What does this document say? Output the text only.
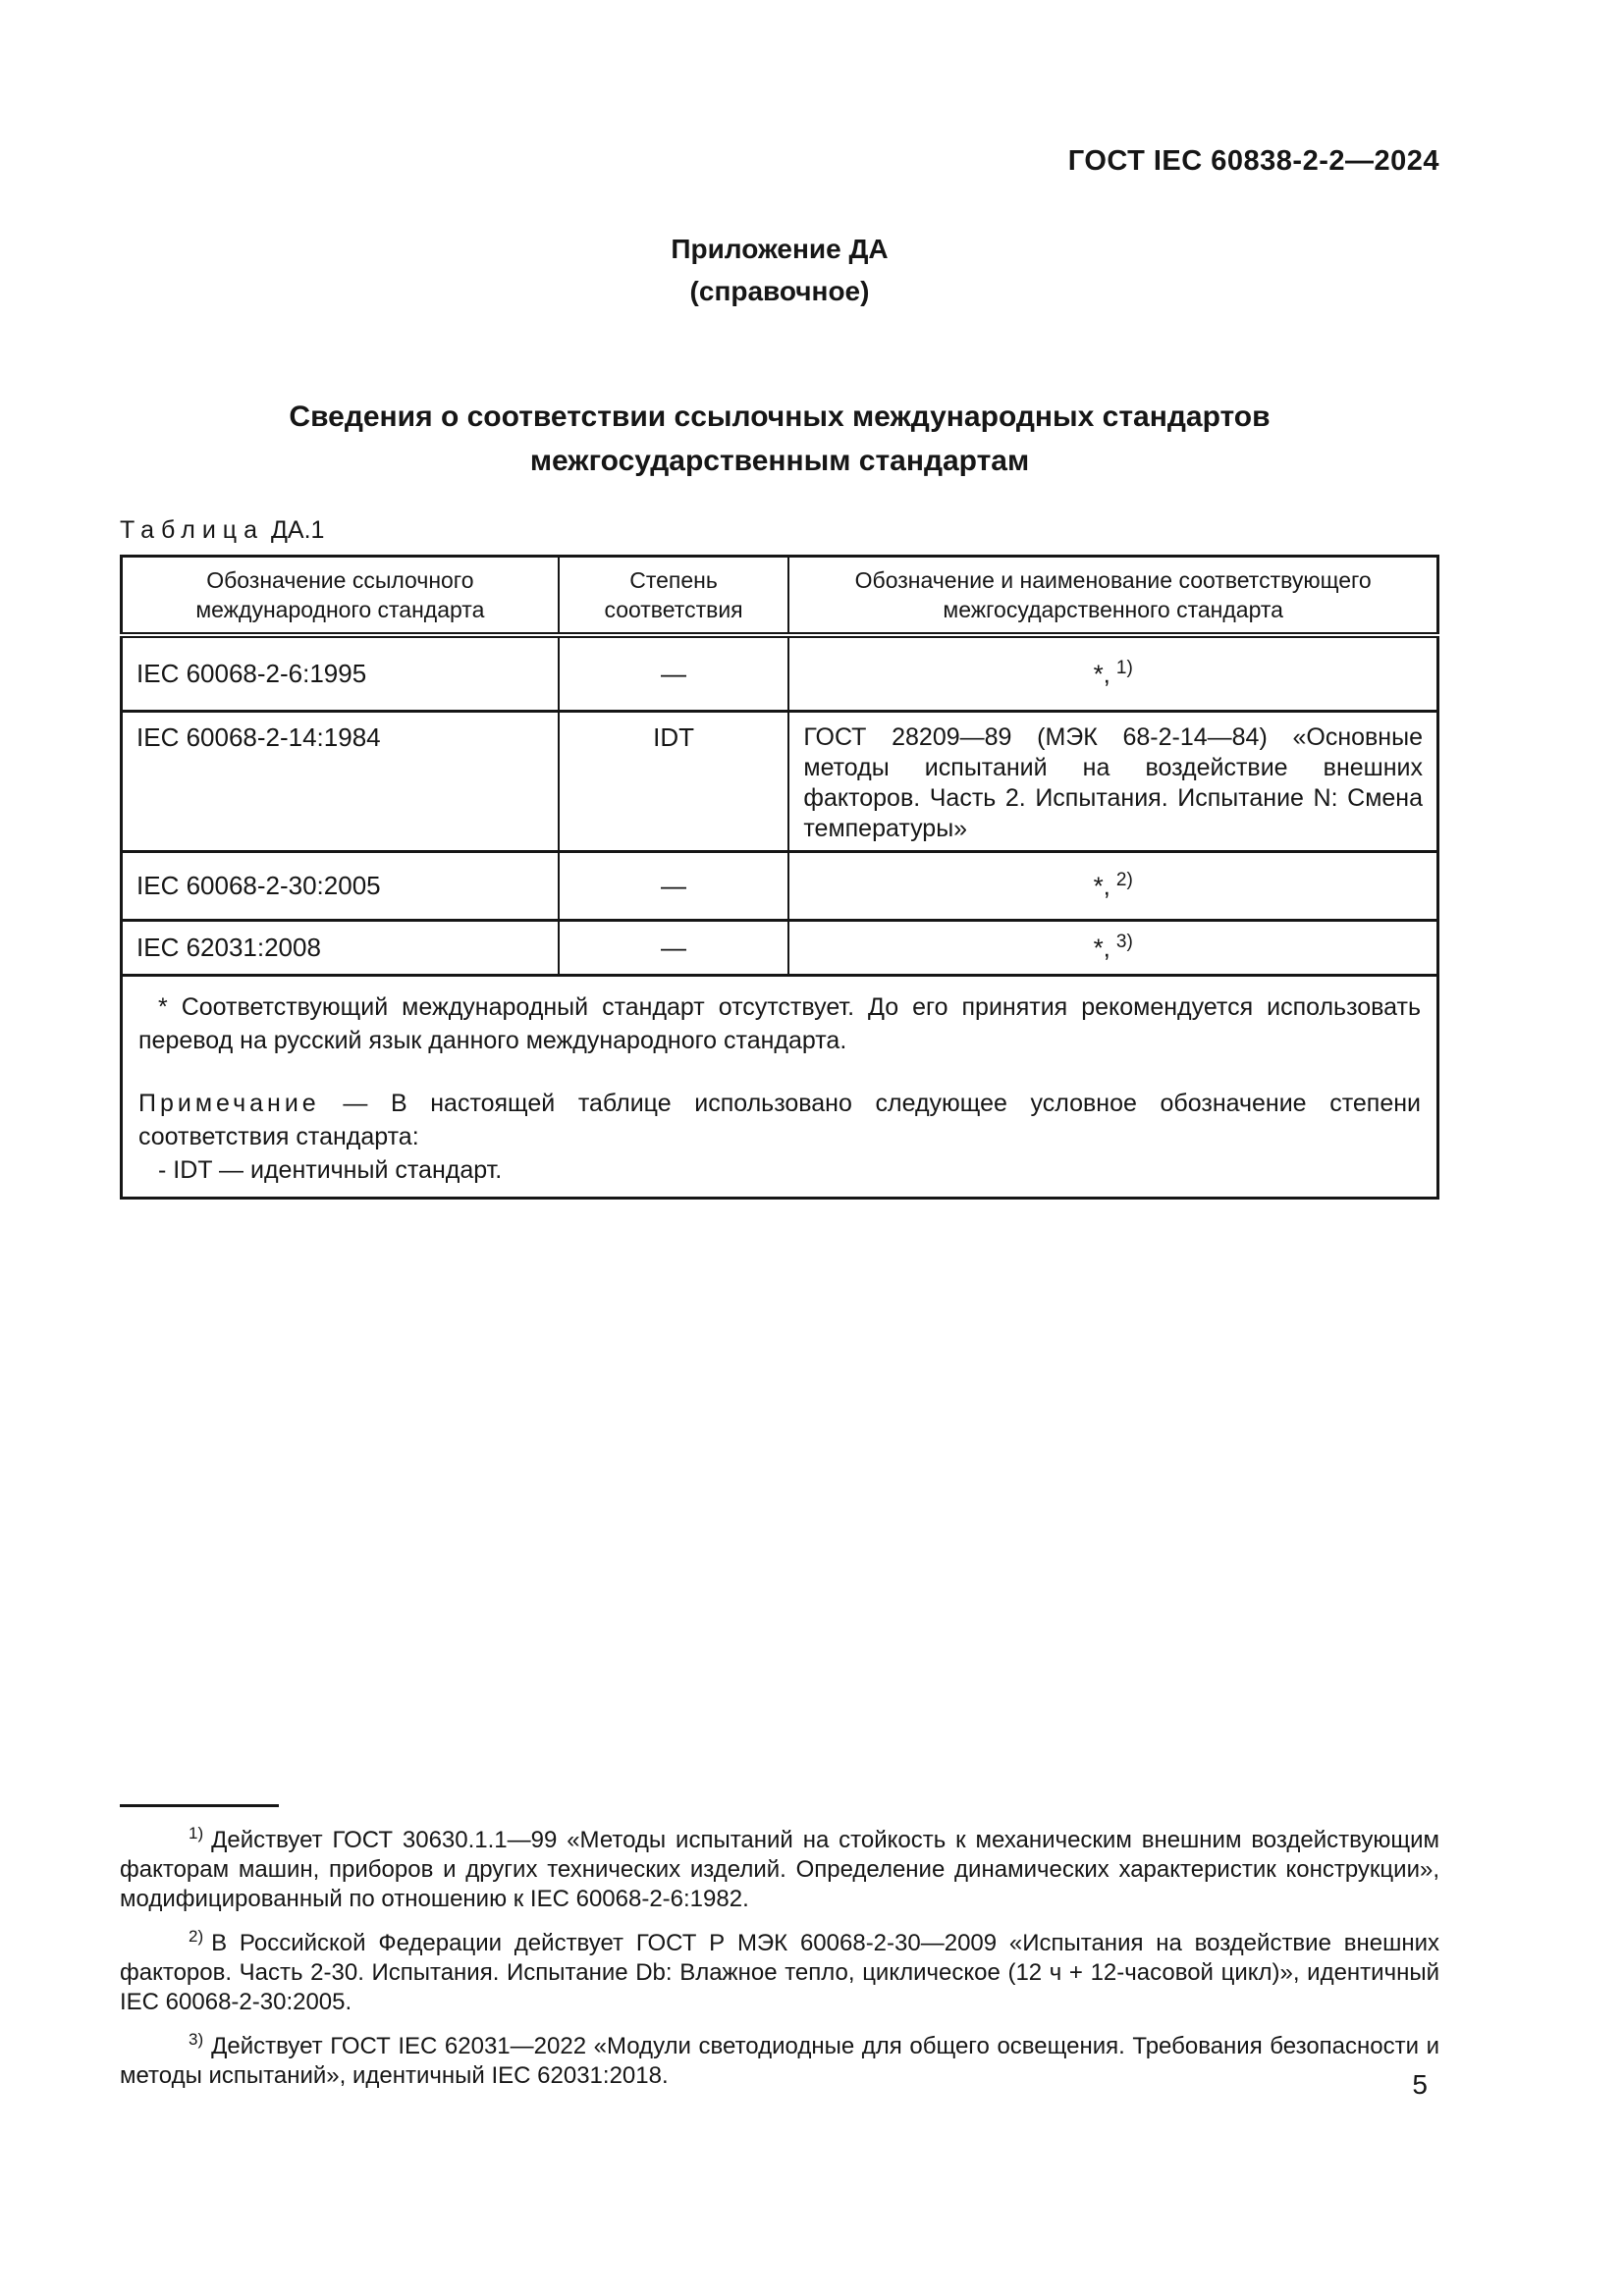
ГОСТ IEC 60838-2-2—2024
Приложение ДА
(справочное)
Сведения о соответствии ссылочных международных стандартов
межгосударственным стандартам
Таблица ДА.1
Обозначение ссылочного международного стандарта	Степень соответствия	Обозначение и наименование соответствующего межгосударственного стандарта
IEC 60068-2-6:1995	—	*, $^{1)}$
IEC 60068-2-14:1984	IDT	ГОСТ 28209—89 (МЭК 68-2-14—84) «Основные методы испытаний на воздействие внешних факторов. Часть 2. Испытания. Испытание N: Смена температуры»
IEC 60068-2-30:2005	—	*, $^{2)}$
IEC 62031:2008	—	*, $^{3)}$

* Соответствующий международный стандарт отсутствует. До его принятия рекомендуется использовать перевод на русский язык данного международного стандарта.

Примечание — В настоящей таблице использовано следующее условное обозначение степени соответствия стандарта:

- IDT — идентичный стандарт.		

$^{1)}$ Действует ГОСТ 30630.1.1—99 «Методы испытаний на стойкость к механическим внешним воздействующим факторам машин, приборов и других технических изделий. Определение динамических характеристик конструкции», модифицированный по отношению к IEC 60068-2-6:1982.

$^{2)}$ В Российской Федерации действует ГОСТ Р МЭК 60068-2-30—2009 «Испытания на воздействие внешних факторов. Часть 2-30. Испытания. Испытание Db: Влажное тепло, циклическое (12 ч + 12-часовой цикл)», идентичный IEC 60068-2-30:2005.

$^{3)}$ Действует ГОСТ IEC 62031—2022 «Модули светодиодные для общего освещения. Требования безопасности и методы испытаний», идентичный IEC 62031:2018.	5
